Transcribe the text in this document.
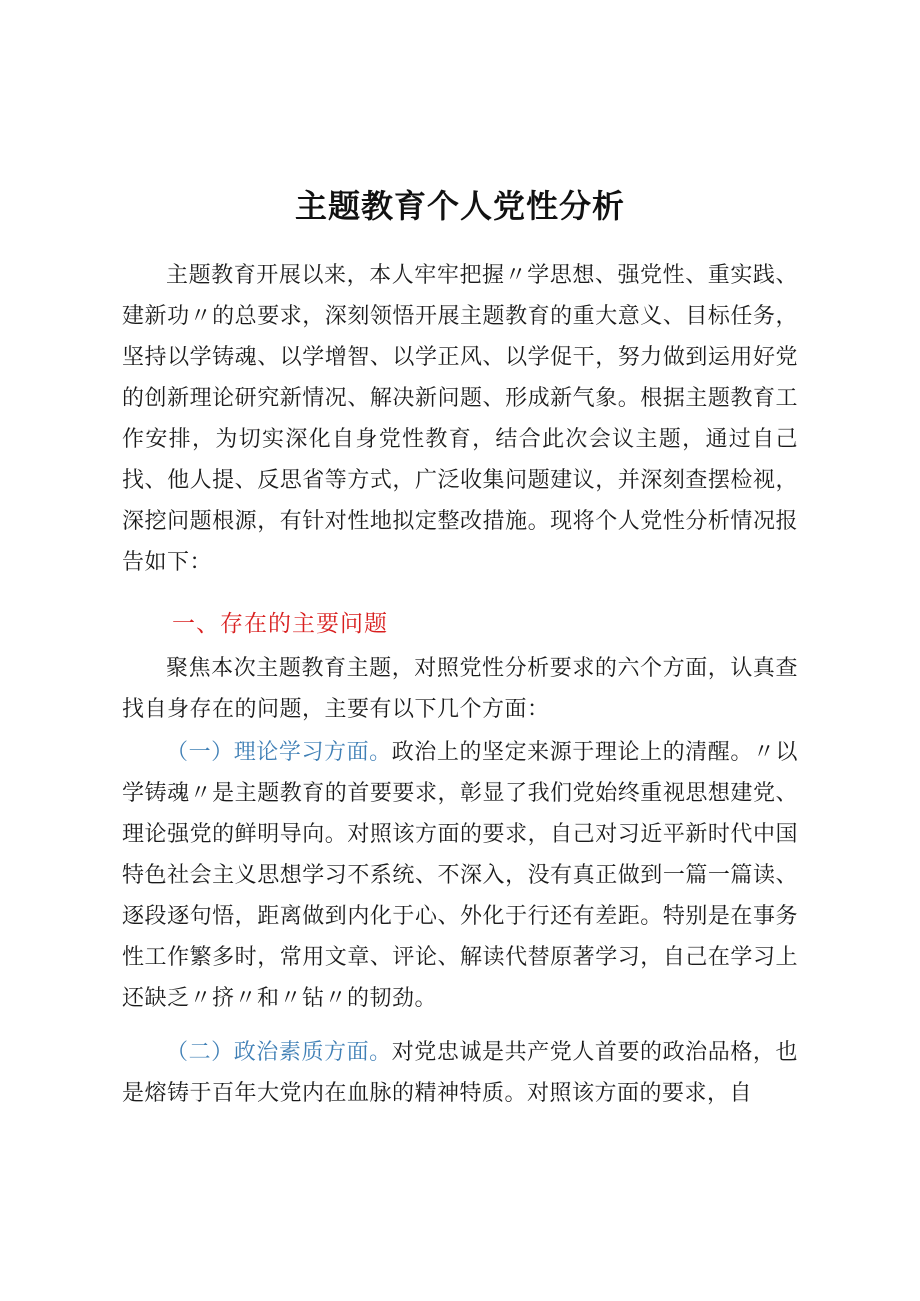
主题教育个人党性分析
主题教育开展以来，本人牢牢把握〃学思想、强党性、重实践、建新功〃的总要求，深刻领悟开展主题教育的重大意义、目标任务，坚持以学铸魂、以学增智、以学正风、以学促干，努力做到运用好党的创新理论研究新情况、解决新问题、形成新气象。根据主题教育工作安排，为切实深化自身党性教育，结合此次会议主题，通过自己找、他人提、反思省等方式，广泛收集问题建议，并深刻查摆检视，深挖问题根源，有针对性地拟定整改措施。现将个人党性分析情况报告如下：
一、存在的主要问题
聚焦本次主题教育主题，对照党性分析要求的六个方面，认真查找自身存在的问题，主要有以下几个方面：
（一）理论学习方面。政治上的坚定来源于理论上的清醒。〃以学铸魂〃是主题教育的首要要求，彰显了我们党始终重视思想建党、理论强党的鲜明导向。对照该方面的要求，自己对习近平新时代中国特色社会主义思想学习不系统、不深入，没有真正做到一篇一篇读、逐段逐句悟，距离做到内化于心、外化于行还有差距。特别是在事务性工作繁多时，常用文章、评论、解读代替原著学习，自己在学习上还缺乏〃挤〃和〃钻〃的韧劲。
（二）政治素质方面。对党忠诚是共产党人首要的政治品格，也是熔铸于百年大党内在血脉的精神特质。对照该方面的要求，自
